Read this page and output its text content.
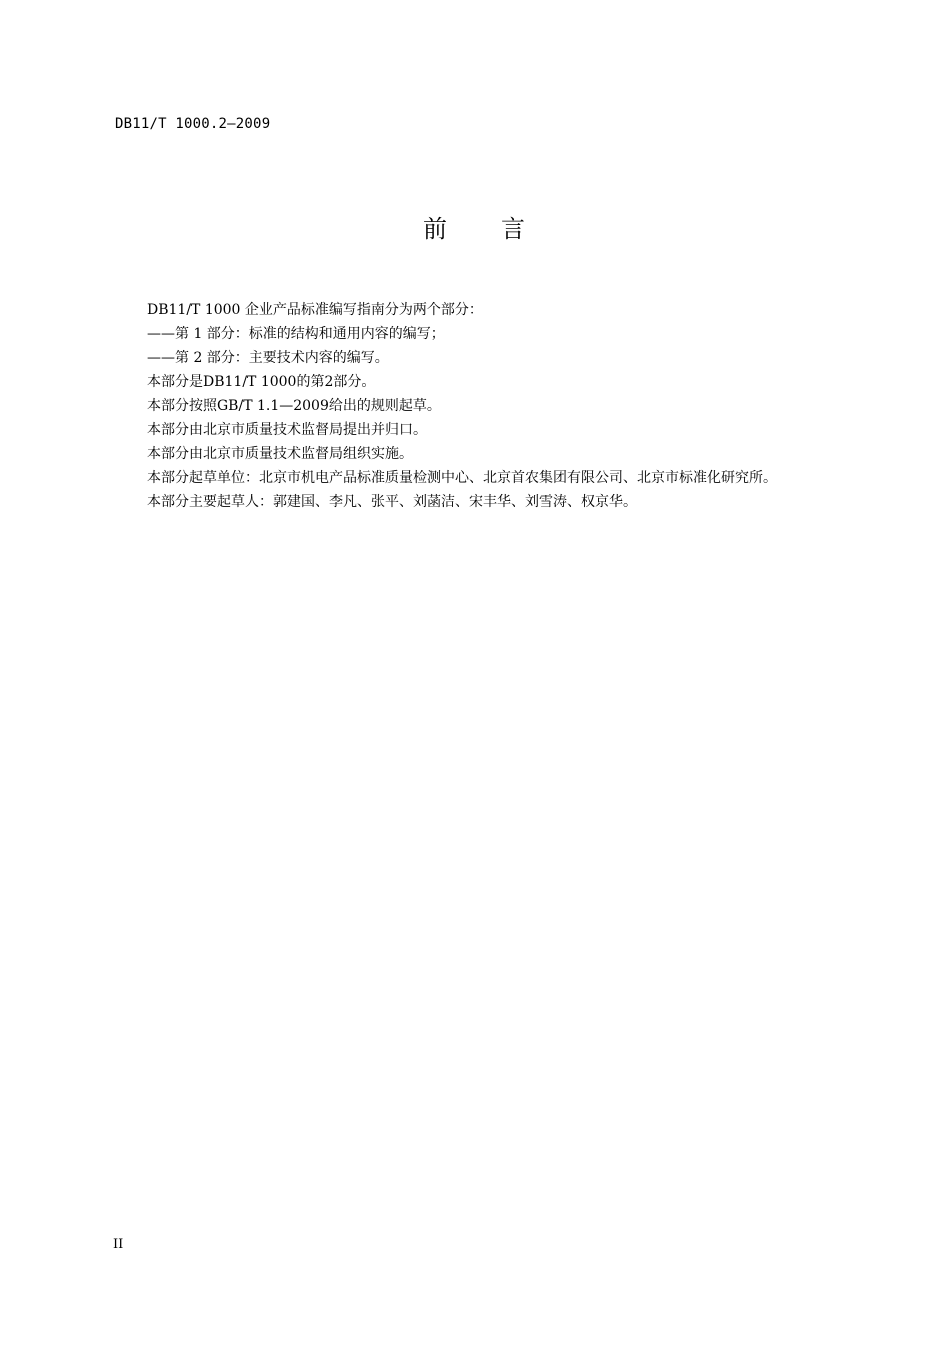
DB11/T 1000.2—2009
前 言

DB11/T 1000 企业产品标准编写指南分为两个部分：

——第 1 部分：标准的结构和通用内容的编写；

——第 2 部分：主要技术内容的编写。

本部分是DB11/T 1000的第2部分。

本部分按照GB/T 1.1—2009给出的规则起草。

本部分由北京市质量技术监督局提出并归口。

本部分由北京市质量技术监督局组织实施。

本部分起草单位：北京市机电产品标准质量检测中心、北京首农集团有限公司、北京市标准化研究所。

本部分主要起草人：郭建国、李凡、张平、刘菡洁、宋丰华、刘雪涛、权京华。

II
